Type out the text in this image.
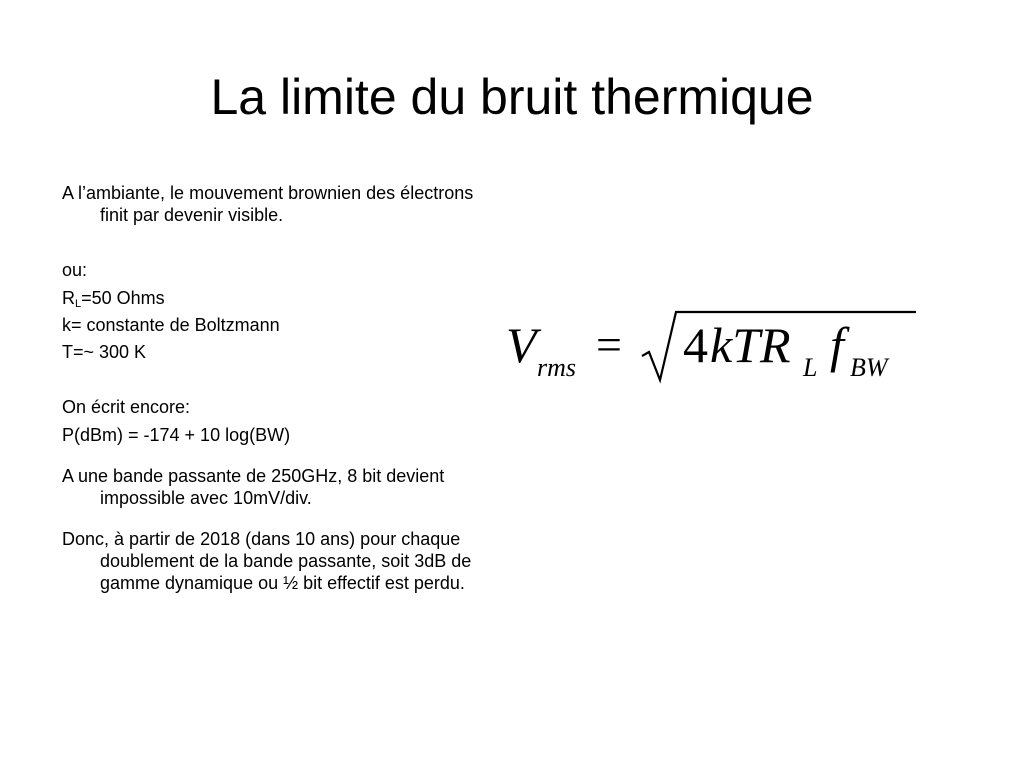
La limite du bruit thermique

A l’ambiante, le mouvement brownien des électrons finit par devenir visible.

ou:

$R_L=50$ Ohms

k= constante de Boltzmann

T=~ 300 K

On écrit encore:

P(dBm) = -174 + 10 log(BW)

A une bande passante de 250GHz, 8 bit devient impossible avec 10mV/div.

Donc, à partir de 2018 (dans 10 ans) pour chaque doublement de la bande passante, soit 3dB de gamme dynamique ou ½ bit effectif est perdu.

V rms = 4 kTR L f BW
